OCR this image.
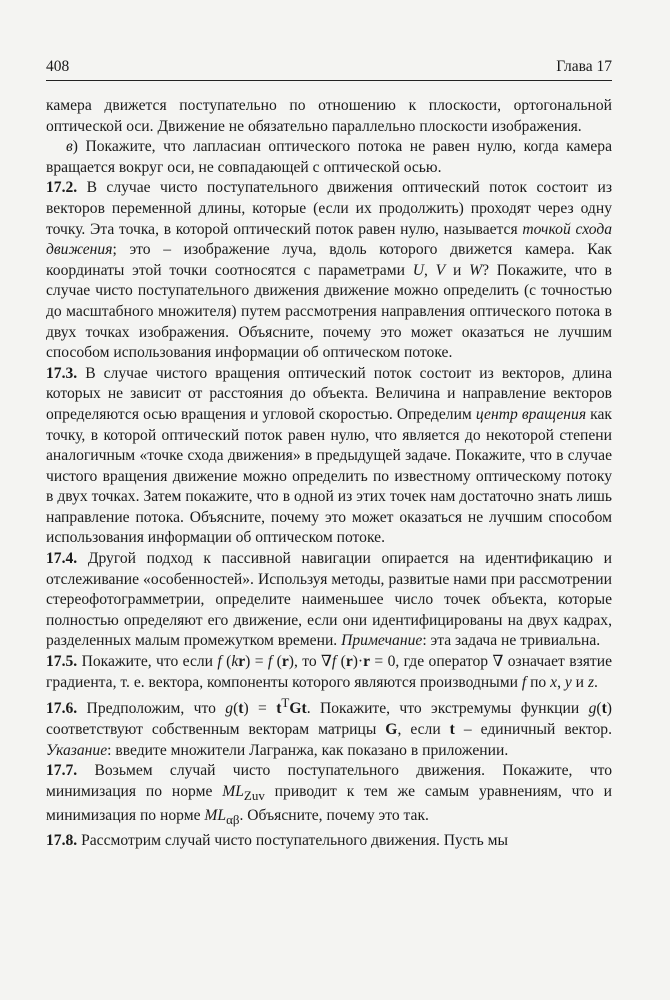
408	Глава 17

камера движется поступательно по отношению к плоскости, ортогональной оптической оси. Движение не обязательно параллельно плоскости изображения.

в) Покажите, что лапласиан оптического потока не равен нулю, когда камера вращается вокруг оси, не совпадающей с оптической осью.

17.2. В случае чисто поступательного движения оптический поток состоит из векторов переменной длины, которые (если их продолжить) проходят через одну точку. Эта точка, в которой оптический поток равен нулю, называется точкой схода движения; это – изображение луча, вдоль которого движется камера. Как координаты этой точки соотносятся с параметрами U, V и W? Покажите, что в случае чисто поступательного движения движение можно определить (с точностью до масштабного множителя) путем рассмотрения направления оптического потока в двух точках изображения. Объясните, почему это может оказаться не лучшим способом использования информации об оптическом потоке.

17.3. В случае чистого вращения оптический поток состоит из векторов, длина которых не зависит от расстояния до объекта. Величина и направление векторов определяются осью вращения и угловой скоростью. Определим центр вращения как точку, в которой оптический поток равен нулю, что является до некоторой степени аналогичным «точке схода движения» в предыдущей задаче. Покажите, что в случае чистого вращения движение можно определить по известному оптическому потоку в двух точках. Затем покажите, что в одной из этих точек нам достаточно знать лишь направление потока. Объясните, почему это может оказаться не лучшим способом использования информации об оптическом потоке.

17.4. Другой подход к пассивной навигации опирается на идентификацию и отслеживание «особенностей». Используя методы, развитые нами при рассмотрении стереофотограмметрии, определите наименьшее число точек объекта, которые полностью определяют его движение, если они идентифицированы на двух кадрах, разделенных малым промежутком времени. Примечание: эта задача не тривиальна.

17.5. Покажите, что если f (kr) = f (r), то ∇f (r)·r = 0, где оператор ∇ означает взятие градиента, т. е. вектора, компоненты которого являются производными f по x, y и z.

17.6. Предположим, что $g(t) = t^TGt$. Покажите, что экстремумы функции g(t) соответствуют собственным векторам матрицы G, если t – единичный вектор. Указание: введите множители Лагранжа, как показано в приложении.

17.7. Возьмем случай чисто поступательного движения. Покажите, что минимизация по норме $ML_{Zuv}$ приводит к тем же самым уравнениям, что и минимизация по норме $ML_{\alpha\beta}$. Объясните, почему это так.

17.8. Рассмотрим случай чисто поступательного движения. Пусть мы
